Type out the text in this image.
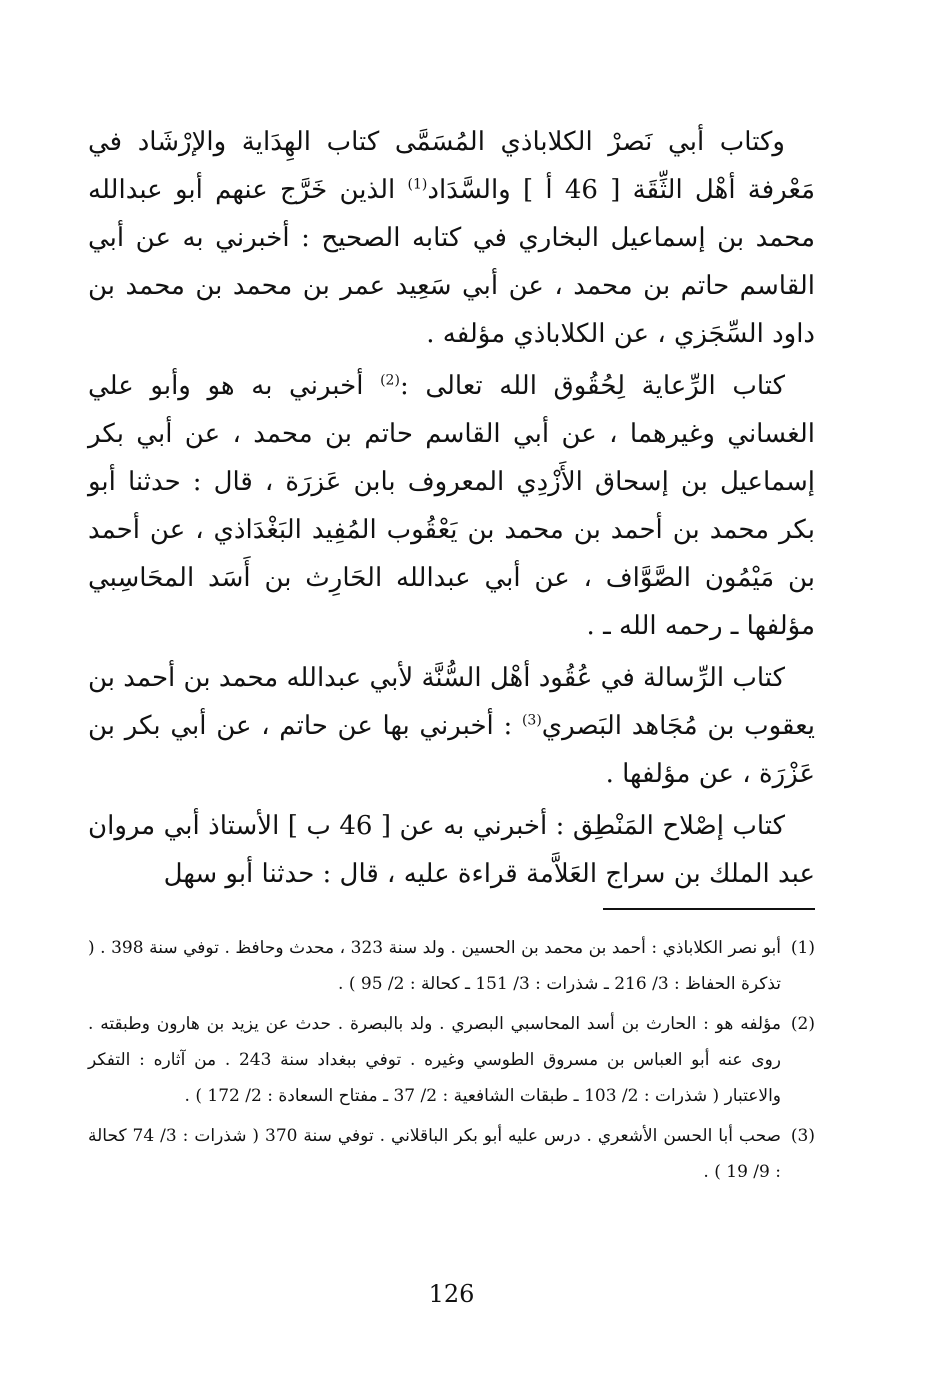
وكتاب أبي نَصرْ الكلاباذي المُسَمَّى كتاب الهِدَاية والإرْشَاد في مَعْرفة أهْل الثِّقَة [ 46 أ ] والسَّدَاد$^{(1)}$ الذين خَرَّج عنهم أبو عبدالله محمد بن إسماعيل البخاري في كتابه الصحيح : أخبرني به عن أبي القاسم حاتم بن محمد ، عن أبي سَعِيد عمر بن محمد بن محمد بن داود السِّجَزي ، عن الكلاباذي مؤلفه .

كتاب الرِّعاية لِحُقُوق الله تعالى :$^{(2)}$ أخبرني به هو وأبو علي الغساني وغيرهما ، عن أبي القاسم حاتم بن محمد ، عن أبي بكر إسماعيل بن إسحاق الأَزْدِي المعروف بابن عَزرَة ، قال : حدثنا أبو بكر محمد بن أحمد بن محمد بن يَعْقُوب المُفِيد البَغْدَاذي ، عن أحمد بن مَيْمُون الصَّوَّاف ، عن أبي عبدالله الحَارِث بن أَسَد المحَاسِبي مؤلفها ـ رحمه الله ـ .

كتاب الرِّسالة في عُقُود أهْل السُّنَّة لأبي عبدالله محمد بن أحمد بن يعقوب بن مُجَاهد البَصري$^{(3)}$ : أخبرني بها عن حاتم ، عن أبي بكر بن عَزْرَة ، عن مؤلفها .

كتاب إصْلاح المَنْطِق : أخبرني به عن [ 46 ب ] الأستاذ أبي مروان عبد الملك بن سراج العَلاَّمة قراءة عليه ، قال : حدثنا أبو سهل

(1)
أبو نصر الكلاباذي : أحمد بن محمد بن الحسين . ولد سنة 323 ، محدث وحافظ . توفي سنة 398 . ( تذكرة الحفاظ : 3/ 216 ـ شذرات : 3/ 151 ـ كحالة : 2/ 95 ) .
(2)
مؤلفه هو : الحارث بن أسد المحاسبي البصري . ولد بالبصرة . حدث عن يزيد بن هارون وطبقته . روى عنه أبو العباس بن مسروق الطوسي وغيره . توفي ببغداد سنة 243 . من آثاره : التفكر والاعتبار ( شذرات : 2/ 103 ـ طبقات الشافعية : 2/ 37 ـ مفتاح السعادة : 2/ 172 ) .
(3)
صحب أبا الحسن الأشعري . درس عليه أبو بكر الباقلاني . توفي سنة 370 ( شذرات : 3/ 74 كحالة : 9/ 19 ) .
126
